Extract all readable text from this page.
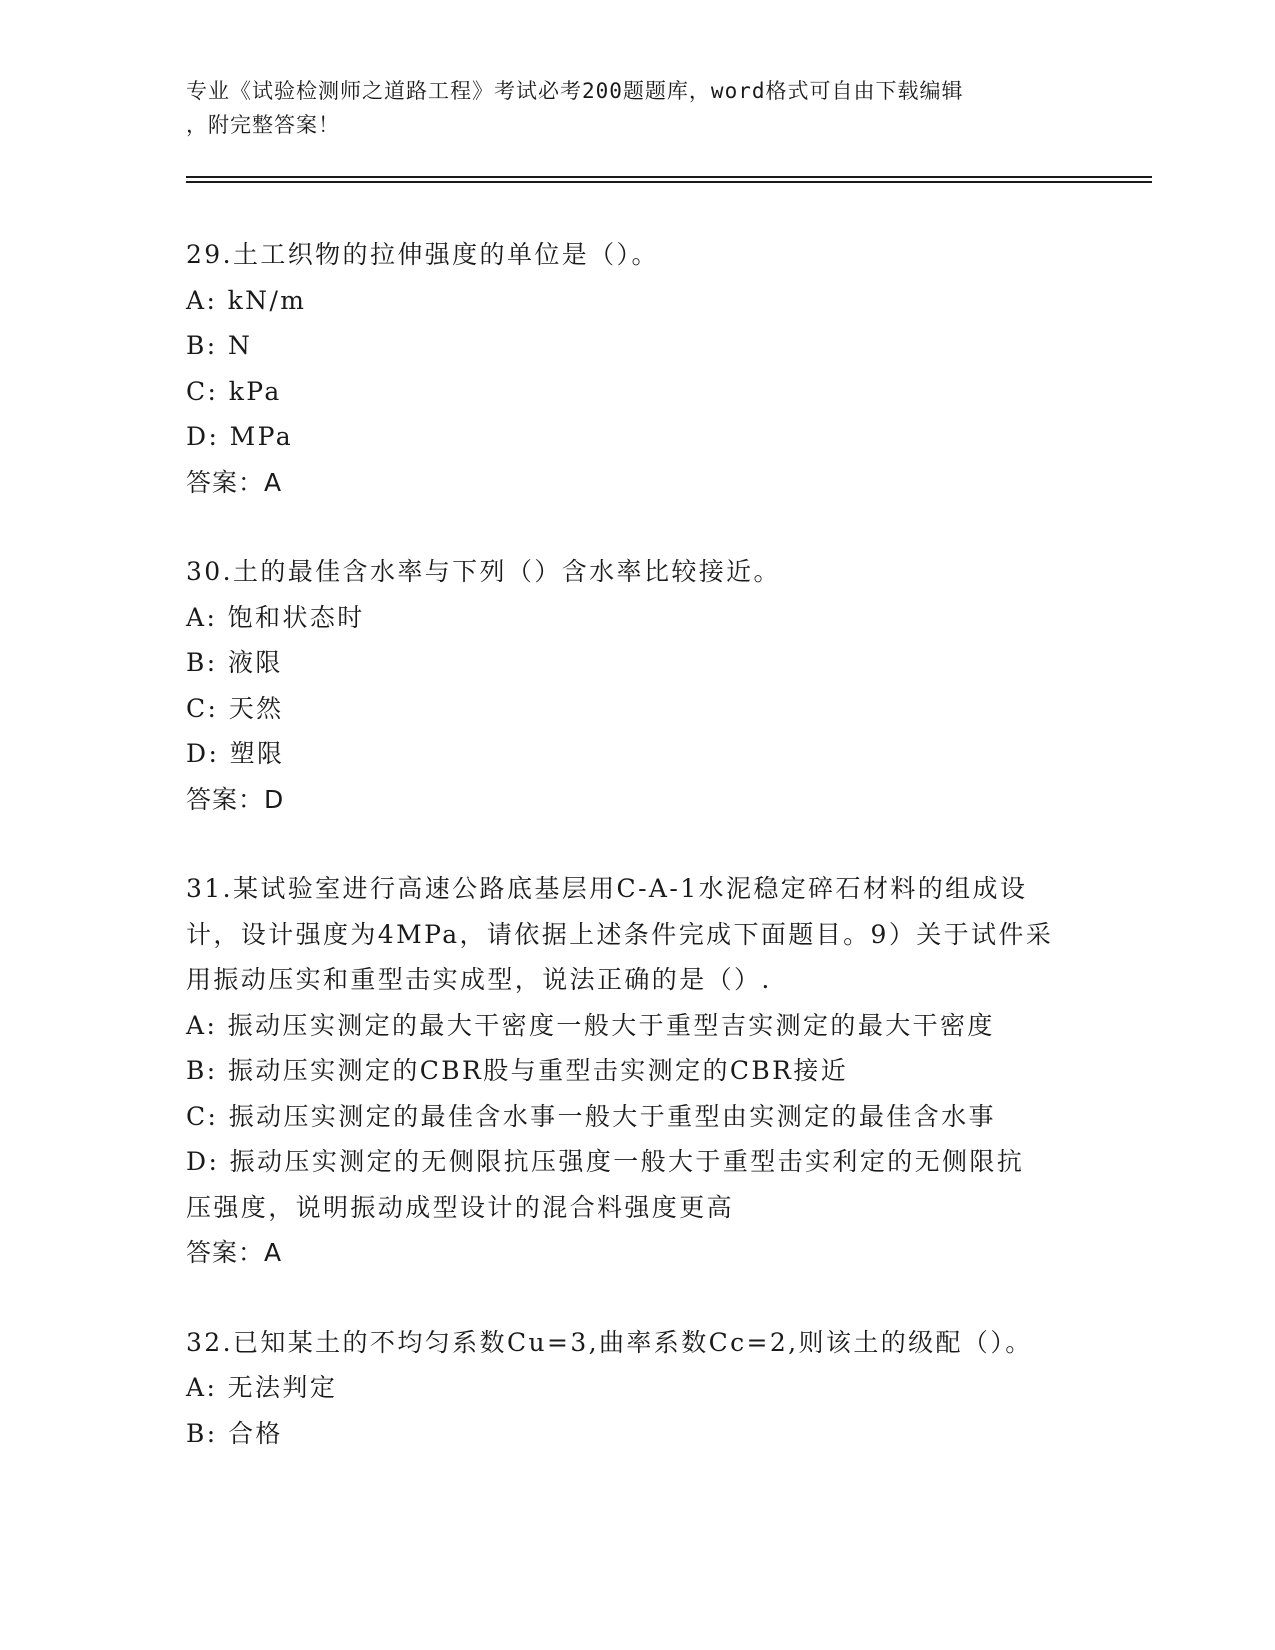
专业《试验检测师之道路工程》考试必考200题题库，word格式可自由下载编辑
，附完整答案！
29.土工织物的拉伸强度的单位是（）。
A: kN/m
B: N
C: kPa
D: MPa
答案：A
30.土的最佳含水率与下列（）含水率比较接近。
A: 饱和状态时
B: 液限
C: 天然
D: 塑限
答案：D
31.某试验室进行高速公路底基层用C-A-1水泥稳定碎石材料的组成设
计，设计强度为4MPa，请依据上述条件完成下面题目。9）关于试件采
用振动压实和重型击实成型，说法正确的是（）.
A: 振动压实测定的最大干密度一般大于重型吉实测定的最大干密度
B: 振动压实测定的CBR股与重型击实测定的CBR接近
C: 振动压实测定的最佳含水事一般大于重型由实测定的最佳含水事
D: 振动压实测定的无侧限抗压强度一般大于重型击实利定的无侧限抗
压强度，说明振动成型设计的混合料强度更高
答案：A
32.已知某土的不均匀系数Cu=3,曲率系数Cc=2,则该土的级配（）。
A: 无法判定
B: 合格
